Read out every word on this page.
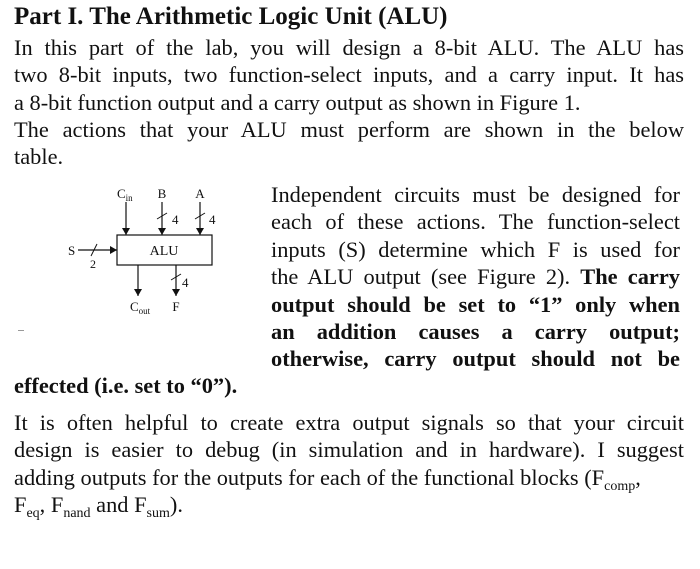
Part I. The Arithmetic Logic Unit (ALU)
In this part of the lab, you will design a 8-bit ALU. The ALU has
two 8-bit inputs, two function-select inputs, and a carry input. It has
a 8-bit function output and a carry output as shown in Figure 1.
The actions that your ALU must perform are shown in the below
table.
ALU
$C_{in}$ B
4
A
4
S
2
4
F
$C_{out}$
Independent circuits must be designed for
each of these actions. The function-select
inputs (S) determine which F is used for
the ALU output (see Figure 2). The carry
output should be set to “1” only when
an addition causes a carry output;
otherwise, carry output should not be
effected (i.e. set to “0”).
It is often helpful to create extra output signals so that your circuit
design is easier to debug (in simulation and in hardware). I suggest
adding outputs for the outputs for each of the functional blocks ($F_{comp}$,
$F_{eq}$, $F_{nand}$ and $F_{sum}$).
